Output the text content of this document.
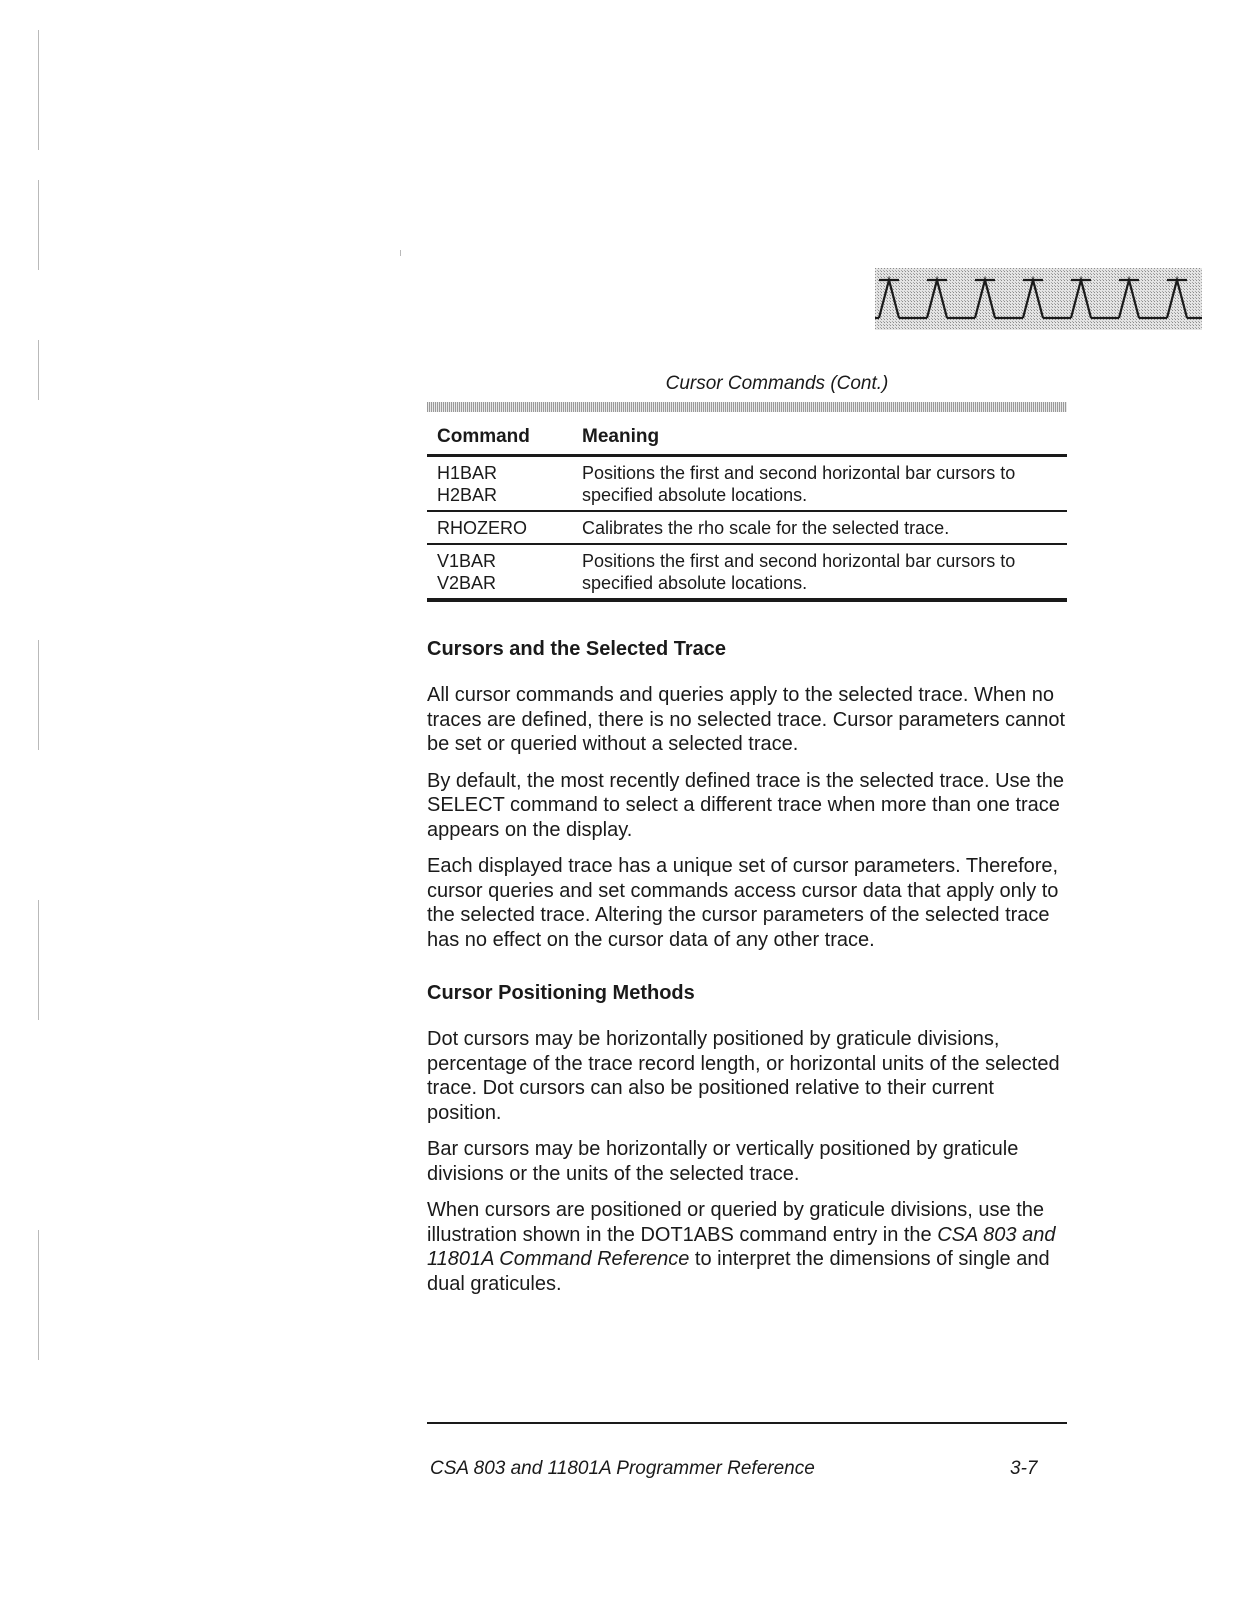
Cursor Commands (Cont.)
Command	Meaning

H1BAR
H2BAR	Positions the first and second horizontal bar cursors to specified absolute locations.

RHOZERO	Calibrates the rho scale for the selected trace.

V1BAR
V2BAR	Positions the first and second horizontal bar cursors to specified absolute locations.
Cursors and the Selected Trace

All cursor commands and queries apply to the selected trace. When no traces are defined, there is no selected trace. Cursor parameters cannot be set or queried without a selected trace.

By default, the most recently defined trace is the selected trace. Use the SELECT command to select a different trace when more than one trace appears on the display.

Each displayed trace has a unique set of cursor parameters. Therefore, cursor queries and set commands access cursor data that apply only to the selected trace. Altering the cursor parameters of the selected trace has no effect on the cursor data of any other trace.

Cursor Positioning Methods

Dot cursors may be horizontally positioned by graticule divisions, percentage of the trace record length, or horizontal units of the selected trace. Dot cursors can also be positioned relative to their current position.

Bar cursors may be horizontally or vertically positioned by graticule divisions or the units of the selected trace.

When cursors are positioned or queried by graticule divisions, use the illustration shown in the DOT1ABS command entry in the CSA 803 and 11801A Command Reference to interpret the dimensions of single and dual graticules.

CSA 803 and 11801A Programmer Reference	3-7
